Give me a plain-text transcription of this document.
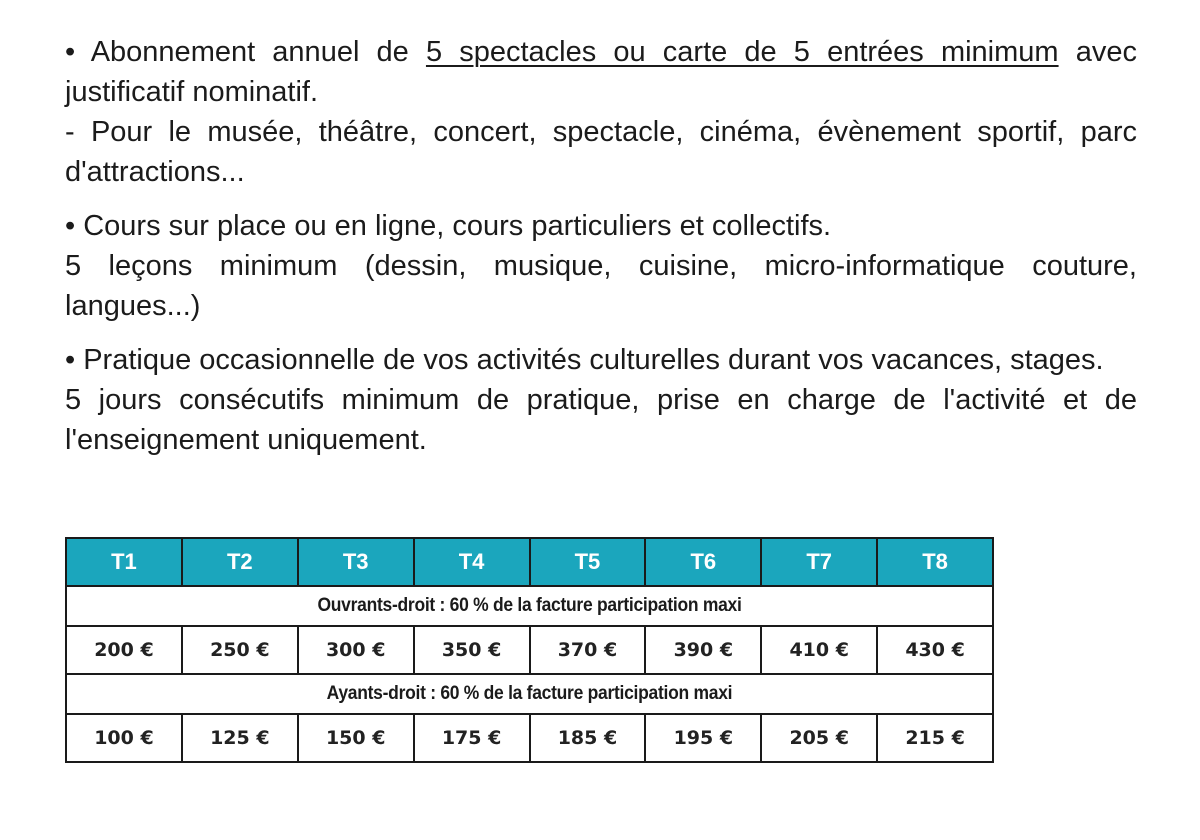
• Abonnement annuel de 5 spectacles ou carte de 5 entrées minimum avec justificatif nominatif.
- Pour le musée, théâtre, concert, spectacle, cinéma, évènement sportif, parc d'attractions...

• Cours sur place ou en ligne, cours particuliers et collectifs.
5 leçons minimum (dessin, musique, cuisine, micro-informatique couture, langues...)

• Pratique occasionnelle de vos activités culturelles durant vos vacances, stages.
5 jours consécutifs minimum de pratique, prise en charge de l'activité et de l'enseignement uniquement.

T1	T2	T3	T4	T5	T6	T7	T8
Ouvrants-droit : 60 % de la facture participation maxi							
200 €	250 €	300 €	350 €	370 €	390 €	410 €	430 €
Ayants-droit : 60 % de la facture participation maxi							
100 €	125 €	150 €	175 €	185 €	195 €	205 €	215 €
